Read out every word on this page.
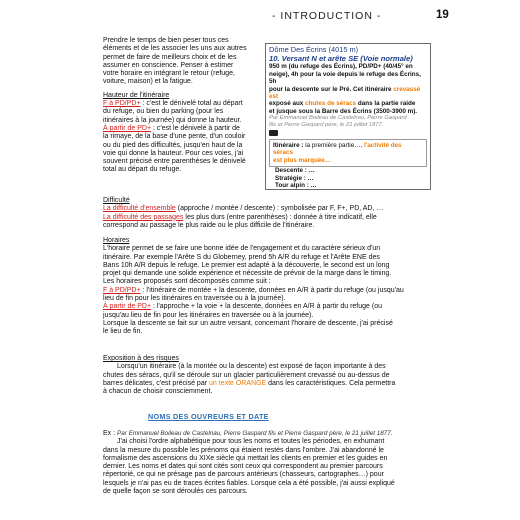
- INTRODUCTION -	19
Prendre le temps de bien peser tous ces
éléments et de les associer les uns aux autres
permet de faire de meilleurs choix et de les
assumer en conscience. Penser à estimer
votre horaire en intégrant le retour (refuge,
voiture, maison) et la fatigue.
Hauteur de l'itinéraire
F à PD/PD+ : c'est le dénivelé total au départ
du refuge, ou bien du parking (pour les
itinéraires à la journée) qui donne la hauteur.
À partir de PD+ : c'est le dénivelé à partir de
la rimaye, de la base d'une pente, d'un couloir
ou du pied des difficultés, jusqu'en haut de la
voie qui donne la hauteur. Pour ces voies, j'ai
souvent précisé entre parenthèses le dénivelé
total au départ du refuge.
Dôme Des Écrins (4015 m)
10. Versant N et arête SE (Voie normale)
950 m (du refuge des Écrins), PD/PD+ (40/45° en
neige), 4h pour la voie depuis le refuge des Écrins, 5h
pour la descente sur le Pré. Cet itinéraire crevassé est
exposé aux chutes de séracs dans la partie raide
et jusque sous la Barre des Écrins (3500-3900 m).
Par Emmanuel Boileau de Castelnau, Pierre Gaspard
fils et Pierre Gaspard père, le 21 juillet 1877.
Itinéraire : la première partie…, l'activité des séracs
est plus marquée…
Descente : …
Stratégie : …
Tour alpin : …
Difficulté
La difficulté d'ensemble (approche / montée / descente) : symbolisée par F, F+, PD, AD, …
La difficulté des passages les plus durs (entre parenthèses) : donnée à titre indicatif, elle
correspond au passage le plus raide ou le plus difficile de l'itinéraire.
Horaires
L'horaire permet de se faire une bonne idée de l'engagement et du caractère sérieux d'un
itinéraire. Par exemple l'Arête S du Globerney, prend 5h A/R du refuge et l'Arête ENE des
Bans 10h A/R depuis le refuge. Le premier est adapté à la découverte, le second est un long
projet qui demande une solide expérience et nécessite de prévoir de la marge dans le timing.
Les horaires proposés sont décomposés comme suit :
F à PD/PD+ : l'itinéraire de montée + la descente, données en A/R à partir du refuge (ou jusqu'au
lieu de fin pour les itinéraires en traversée ou à la journée).
À partir de PD+ : l'approche + la voie + la descente, données en A/R à partir du refuge (ou
jusqu'au lieu de fin pour les itinéraires en traversée ou à la journée).
Lorsque la descente se fait sur un autre versant, concernant l'horaire de descente, j'ai précisé
le lieu de fin.
Exposition à des risques
Lorsqu'un itinéraire (à la montée ou la descente) est exposé de façon importante à des
chutes des séracs, qu'il se déroule sur un glacier particulièrement crevassé ou au-dessus de
barres délicates, c'est précisé par un texte ORANGE dans les caractéristiques. Cela permettra
à chacun de choisir consciemment.
NOMS DES OUVREURS ET DATE
Ex : Par Emmanuel Boileau de Castelnau, Pierre Gaspard fils et Pierre Gaspard père, le 21 juillet 1877.
J'ai choisi l'ordre alphabétique pour tous les noms et toutes les périodes, en exhumant
dans la mesure du possible les prénoms qui étaient restés dans l'ombre. J'ai abandonné le
formalisme des ascensions du XIXe siècle qui mettait les clients en premier et les guides en
dernier. Les noms et dates qui sont cités sont ceux qui correspondent au premier parcours
répertorié, ce qui ne présage pas de parcours antérieurs (chasseurs, cartographes…) pour
lesquels je n'ai pas eu de traces écrites fiables. Lorsque cela a été possible, j'ai aussi expliqué
de quelle façon se sont déroulés ces parcours.
